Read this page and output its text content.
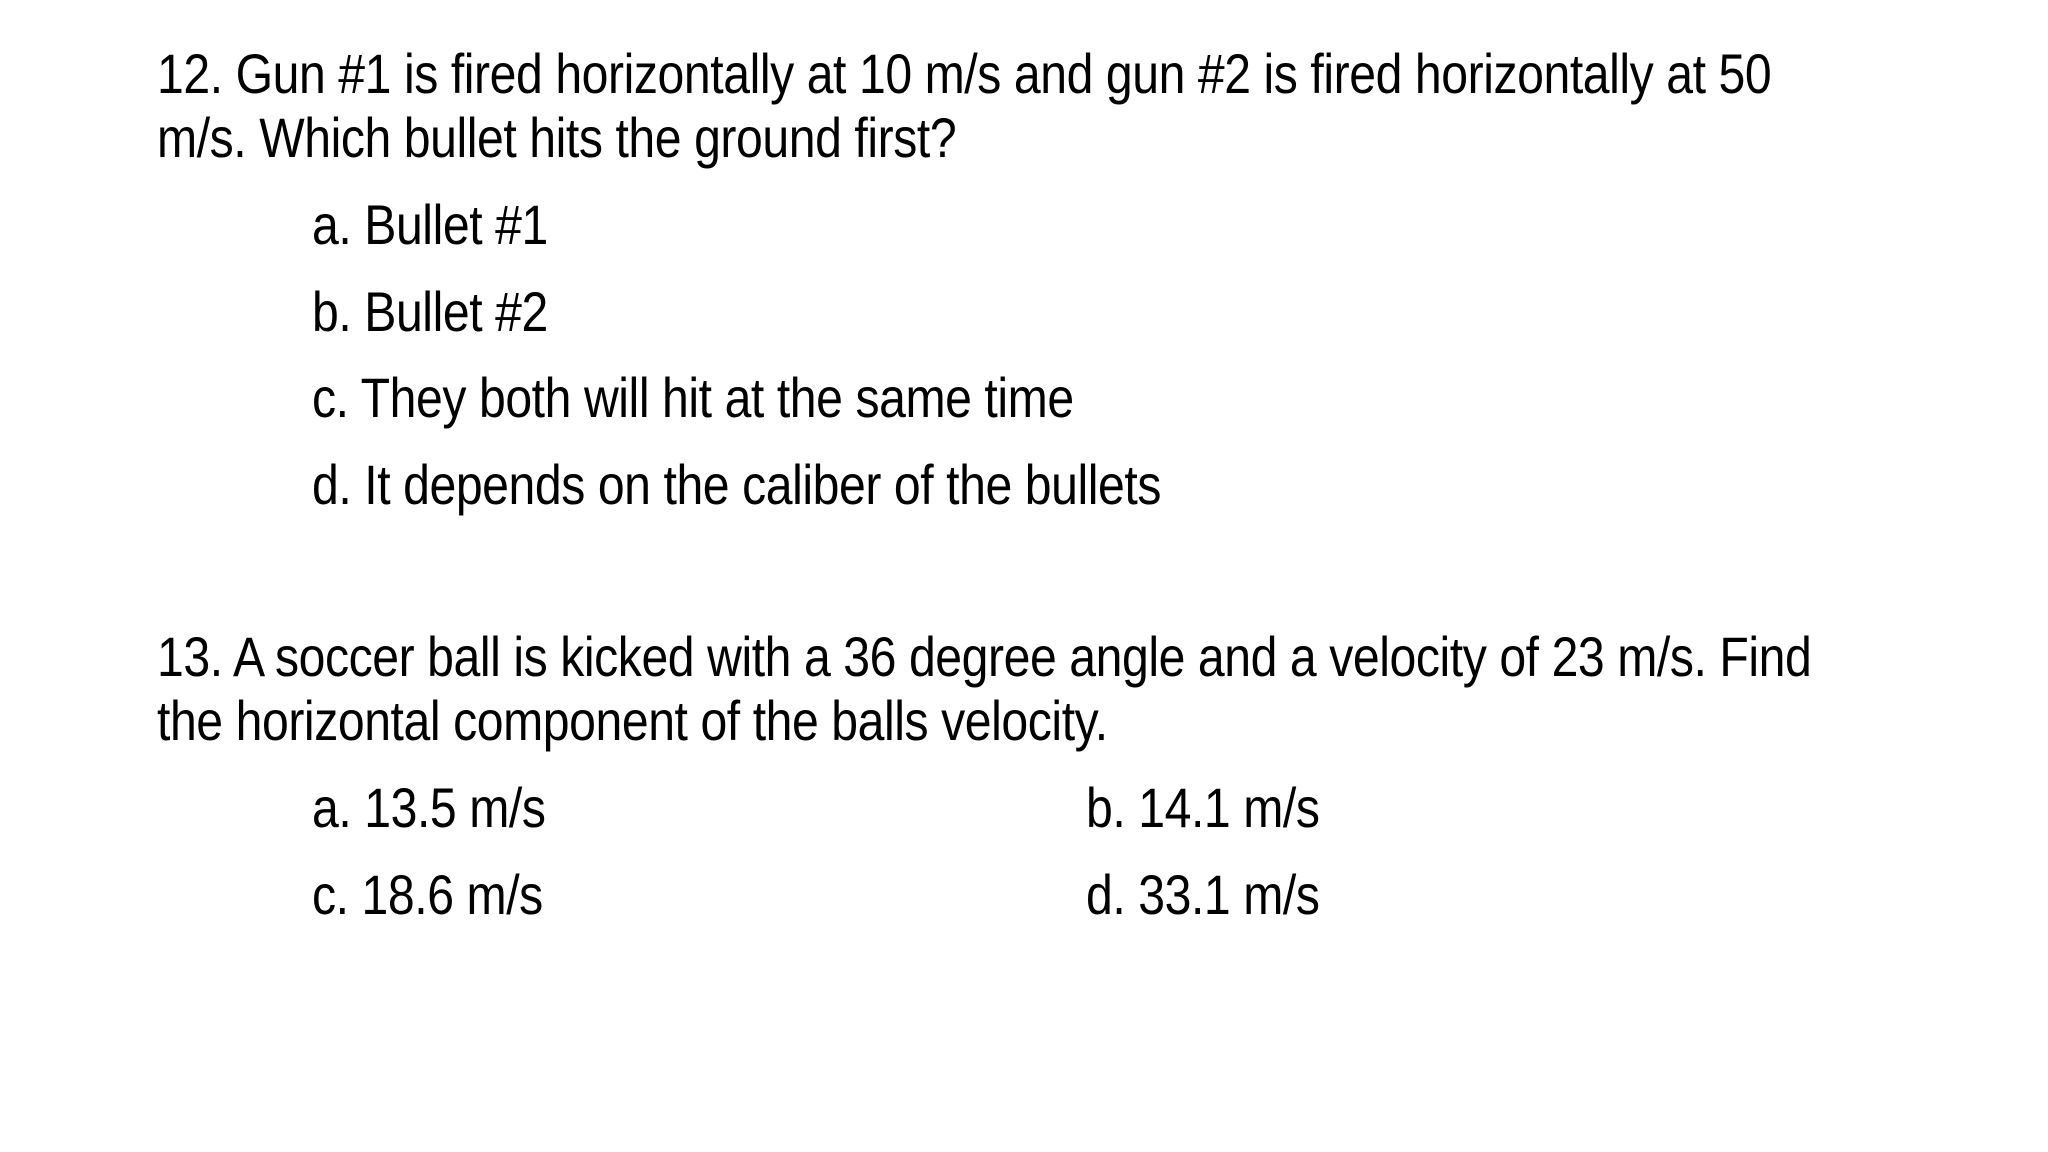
12. Gun #1 is fired horizontally at 10 m/s and gun #2 is fired horizontally at 50 m/s. Which bullet hits the ground first?
a. Bullet #1
b. Bullet #2
c. They both will hit at the same time
d. It depends on the caliber of the bullets
13. A soccer ball is kicked with a 36 degree angle and a velocity of 23 m/s. Find the horizontal component of the balls velocity.
a. 13.5 m/s	b. 14.1 m/s
c. 18.6 m/s	d. 33.1 m/s
